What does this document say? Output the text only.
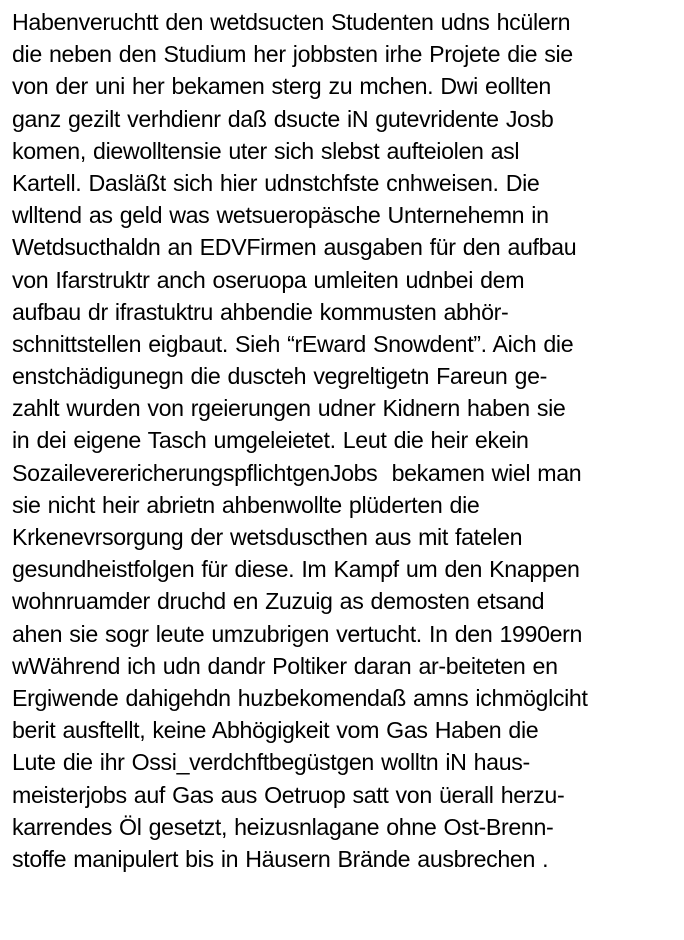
Habenveruchtt den wetdsucten Studenten udns hcülern
die neben den Studium her jobbsten irhe Projete die sie
von der uni her bekamen sterg zu mchen. Dwi eollten
ganz gezilt verhdienr daß dsucte iN gutevridente Josb
komen, diewolltensie uter sich slebst aufteiolen asl
Kartell. Dasläßt sich hier udnstchfste cnhweisen. Die
wlltend as geld was wetsueropäsche Unternehemn in
Wetdsucthaldn an EDVFirmen ausgaben für den aufbau
von Ifarstruktr anch oseruopa umleiten udnbei dem
aufbau dr ifrastuktru ahbendie kommusten abhör-
schnittstellen eigbaut. Sieh “rEward Snowdent”. Aich die
enstchädigunegn die duscteh vegreltigetn Fareun ge-
zahlt wurden von rgeierungen udner Kidnern haben sie
in dei eigene Tasch umgeleietet. Leut die heir ekein
SozaileverericherungspflichtgenJobs  bekamen wiel man
sie nicht heir abrietn ahbenwollte plüderten die
Krkenevrsorgung der wetsduscthen aus mit fatelen
gesundheistfolgen für diese. Im Kampf um den Knappen
wohnruamder druchd en Zuzuig as demosten etsand
ahen sie sogr leute umzubrigen vertucht. In den 1990ern
wWährend ich udn dandr Poltiker daran ar-beiteten en
Ergiwende dahigehdn huzbekomendaß amns ichmöglciht
berit ausftellt, keine Abhögigkeit vom Gas Haben die
Lute die ihr Ossi_verdchftbegüstgen wolltn iN haus-
meisterjobs auf Gas aus Oetruop satt von üerall herzu-
karrendes Öl gesetzt, heizusnlagane ohne Ost-Brenn-
stoffe manipulert bis in Häusern Brände ausbrechen .
